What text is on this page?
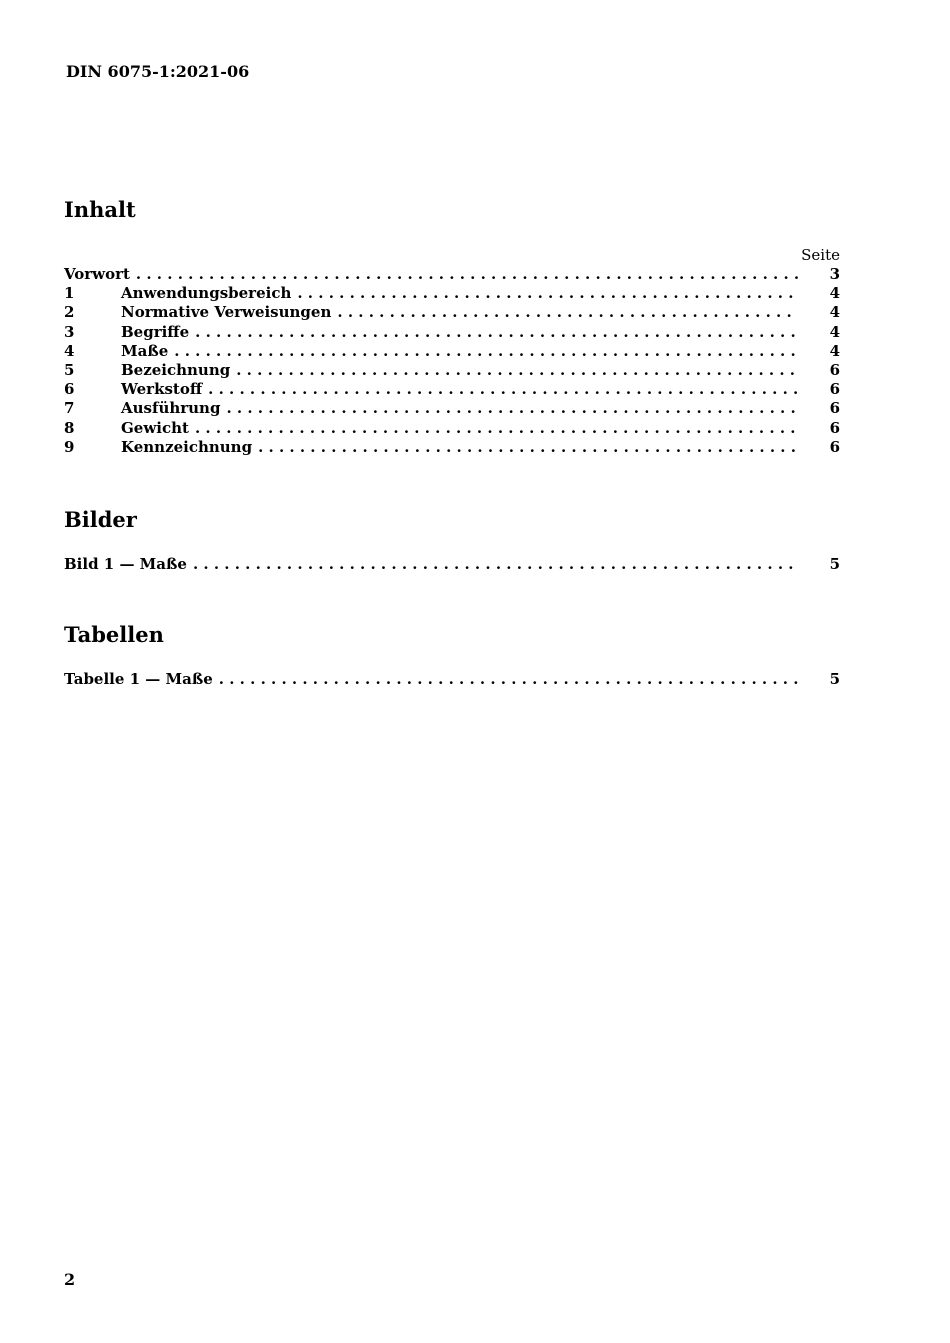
DIN 6075-1:2021-06
Inhalt
Seite
Vorwort . . .	3
1	Anwendungsbereich . . .	4
2	Normative Verweisungen . . .	4
3	Begriffe . . .	4
4	Maße . . .	4
5	Bezeichnung . . .	6
6	Werkstoff . . .	6
7	Ausführung . . .	6
8	Gewicht . . .	6
9	Kennzeichnung . . .	6
Bilder
Bild 1 — Maße . . .	5
Tabellen
Tabelle 1 — Maße . . .	5
2
